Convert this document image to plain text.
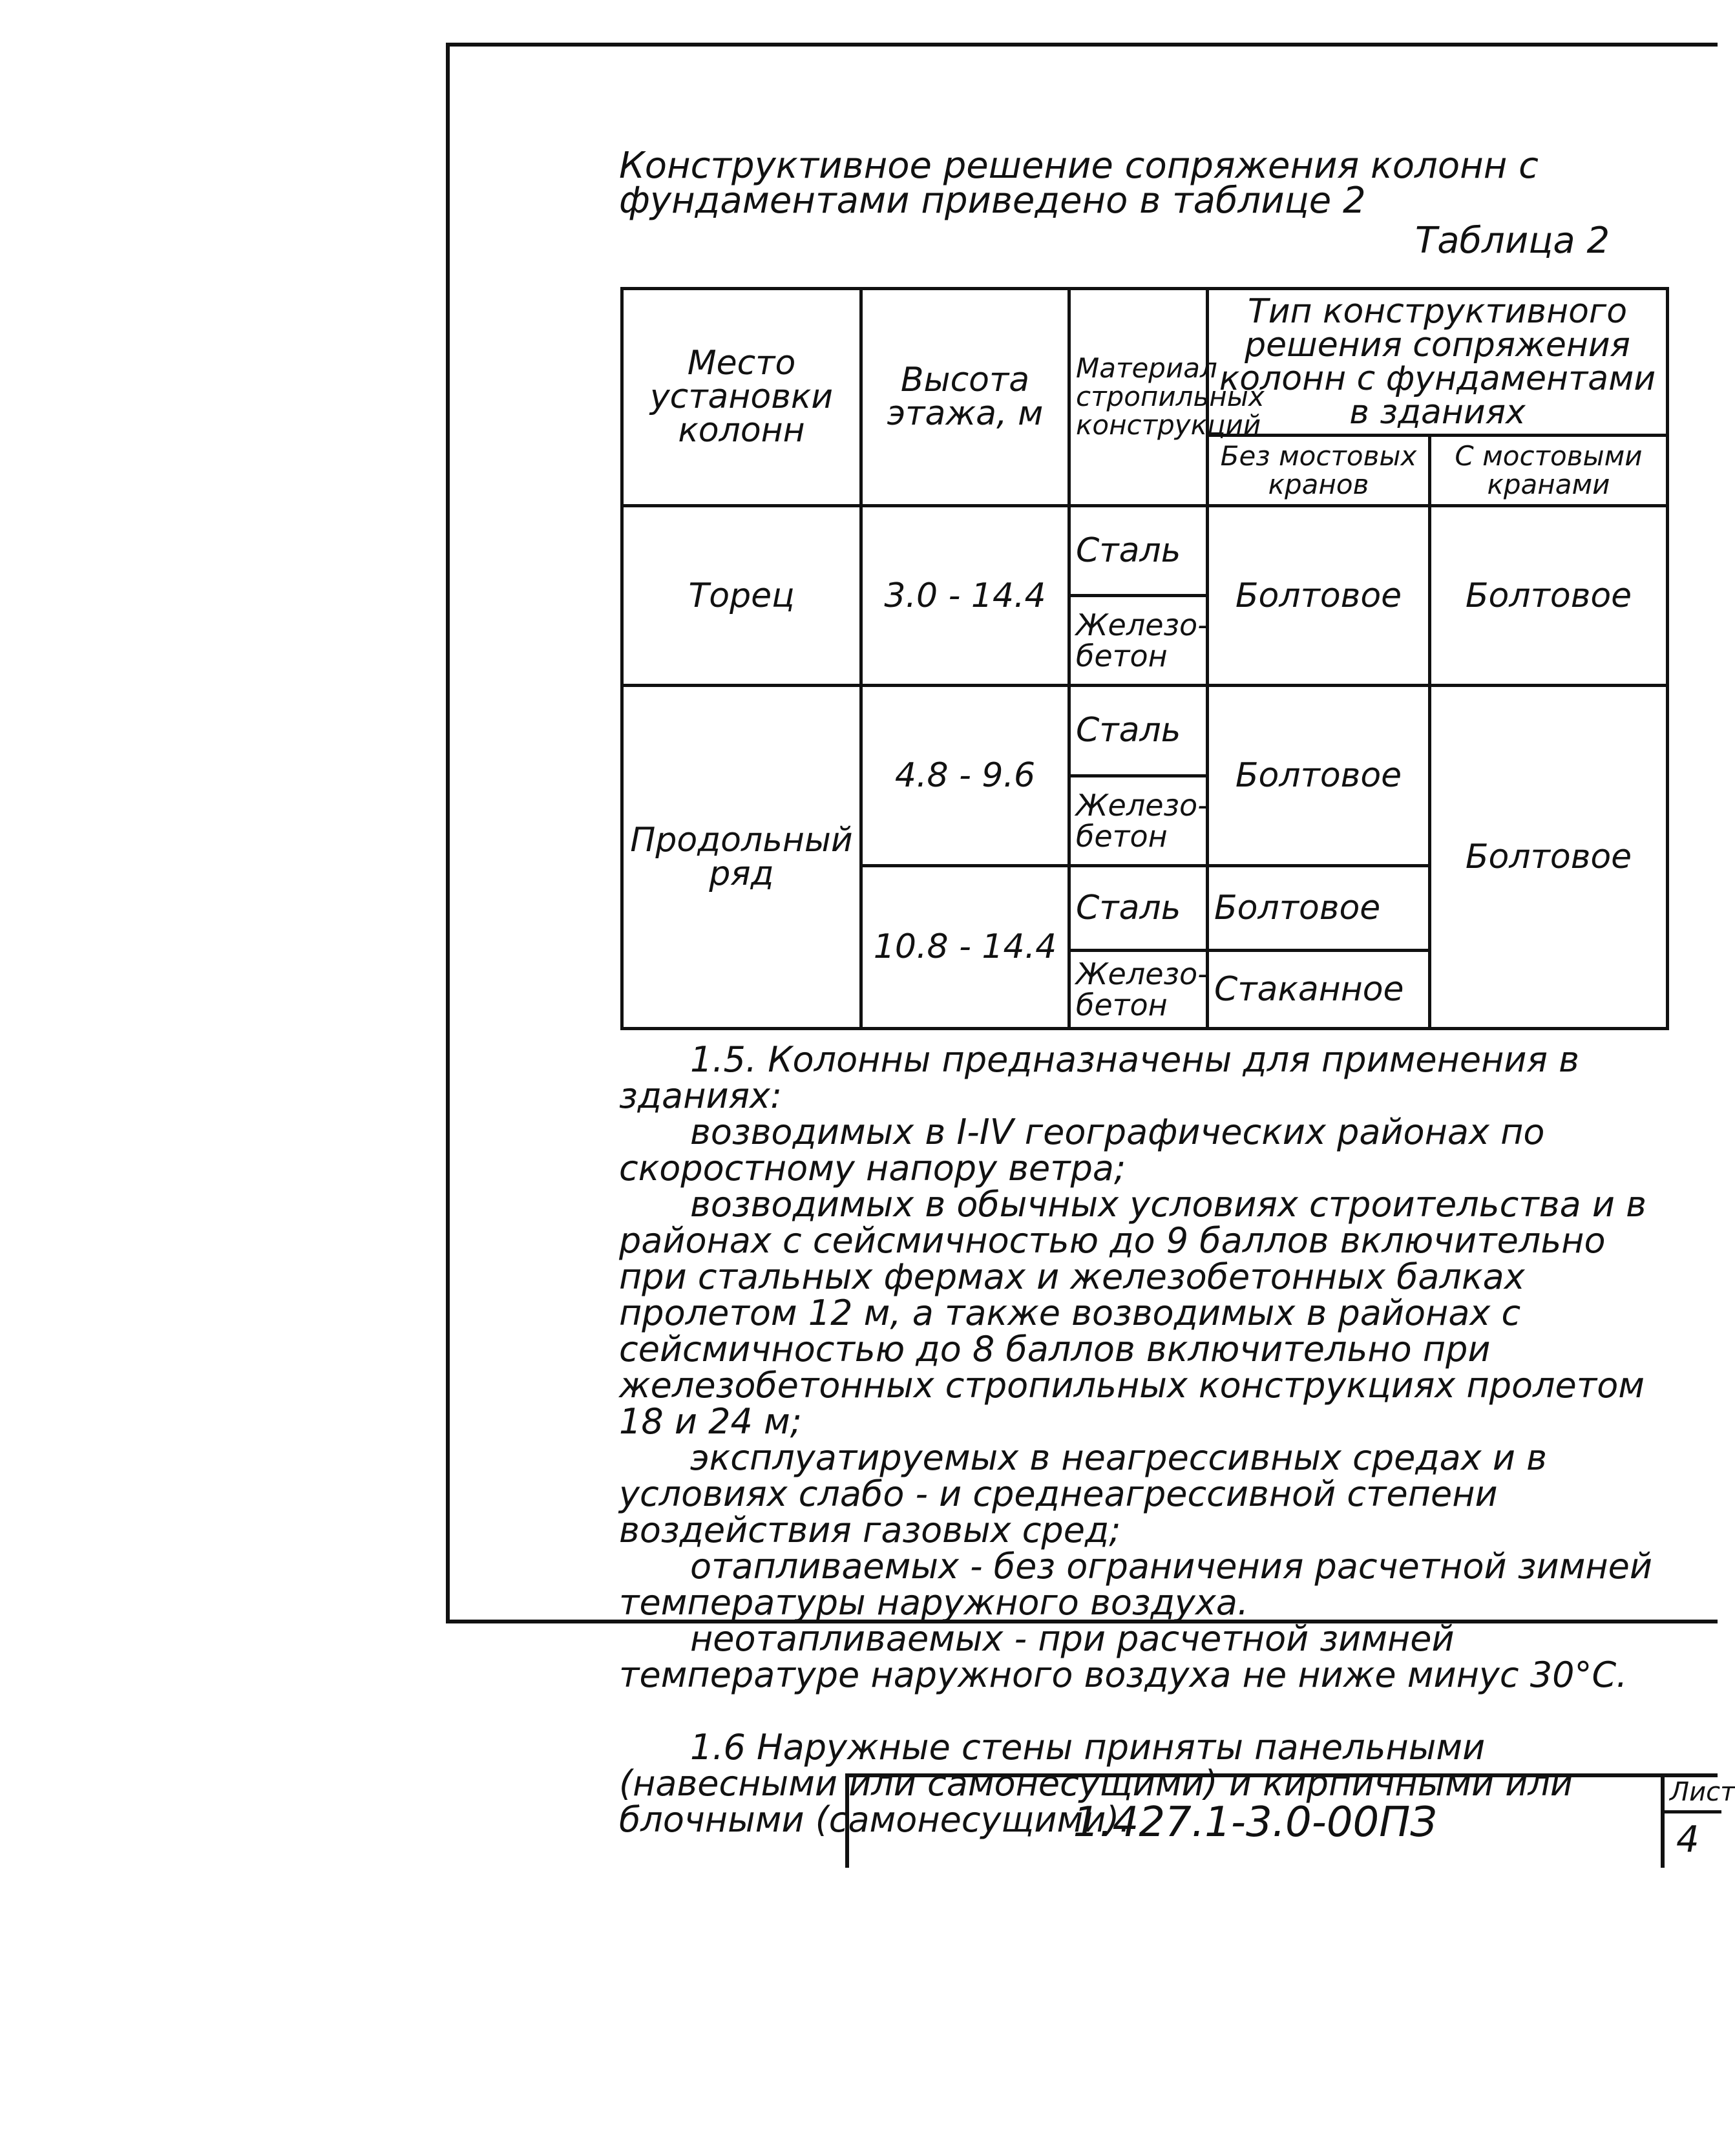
Конструктивное решение сопряжения колонн с фундаментами приведено в таблице 2
Таблица 2
Место установки колонн	Высота этажа, м	Материал стропильных конструкций	Тип конструктивного решения сопряжения колонн с фундаментами в зданиях	
			Без мостовых кранов	С мостовыми кранами
Торец	3.0 - 14.4	Сталь	Болтовое	Болтовое
		Железо-бетон		
Продольный ряд	4.8 - 9.6	Сталь	Болтовое	Болтовое
		Железо-бетон		
	10.8 - 14.4	Сталь	Болтовое	
		Железо-бетон	Стаканное	

1.5. Колонны предназначены для применения в зданиях:

возводимых в I-IV географических районах по скоростному напору ветра;

возводимых в обычных условиях строительства и в районах с сейсмичностью до 9 баллов включительно при стальных фермах и железобетонных балках пролетом 12 м, а также возводимых в районах с сейсмичностью до 8 баллов включительно при железобетонных стропильных конструкциях пролетом 18 и 24 м;

эксплуатируемых в неагрессивных средах и в условиях слабо - и среднеагрессивной степени воздействия газовых сред;

отапливаемых - без ограничения расчетной зимней температуры наружного воздуха.

неотапливаемых - при расчетной зимней температуре наружного воздуха не ниже минус 30°С.

1.6 Наружные стены приняты панельными (навесными или самонесущими) и кирпичными или блочными (самонесущими).

1.427.1-3.0-00ПЗ
Лист
4
